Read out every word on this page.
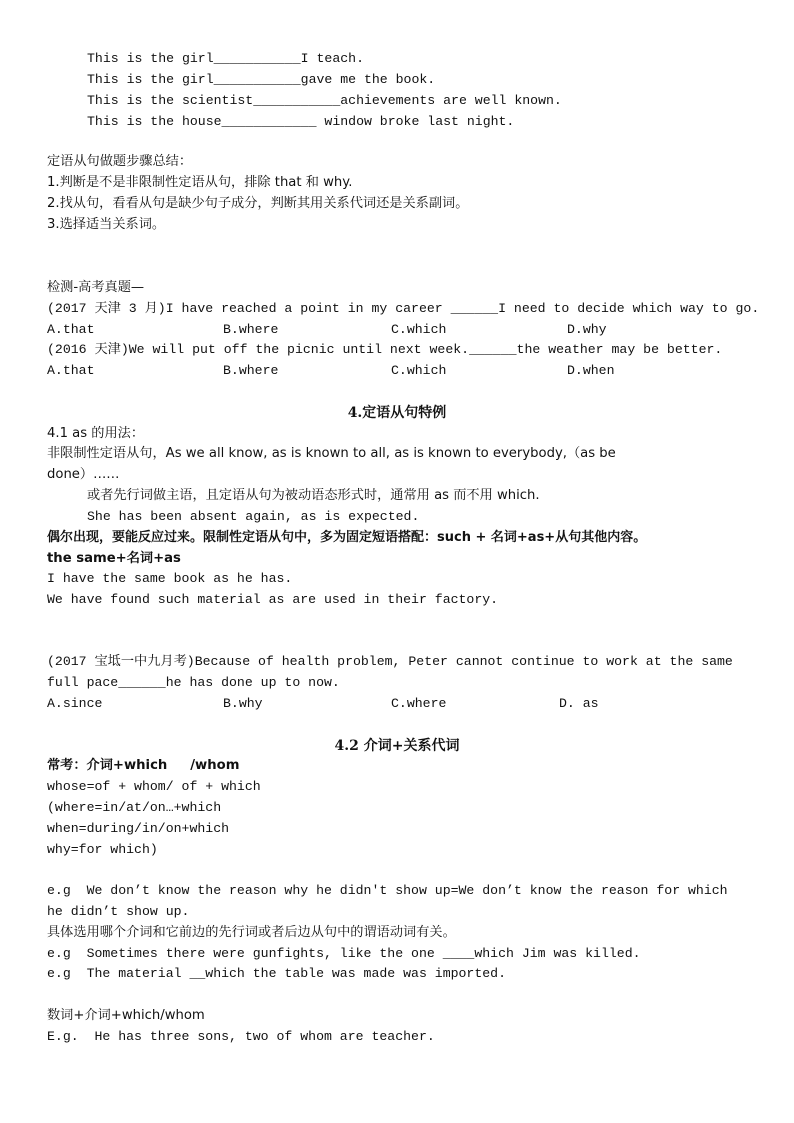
This is the girl___________I teach.
This is the girl___________gave me the book.
This is the scientist___________achievements are well known.
This is the house____________ window broke last night.
定语从句做题步骤总结：
1.判断是不是非限制性定语从句，排除 that 和 why.
2.找从句，看看从句是缺少句子成分，判断其用关系代词还是关系副词。
3.选择适当关系词。
检测-高考真题—
(2017 天津 3 月)I have reached a point in my career ______I need to decide which way to go.
A.that	B.where	C.which	D.why
(2016 天津)We will put off the picnic until next week.______the weather may be better.
A.that	B.where	C.which	D.when
4.定语从句特例
4.1 as 的用法：
非限制性定语从句，As we all know, as is known to all, as is known to everybody,（as be
done）……
或者先行词做主语，且定语从句为被动语态形式时，通常用 as 而不用 which.
She has been absent again, as is expected.
偶尔出现，要能反应过来。限制性定语从句中，多为固定短语搭配：such + 名词+as+从句其他内容。
the same+名词+as
I have the same book as he has.
We have found such material as are used in their factory.
(2017 宝坻一中九月考)Because of health problem, Peter cannot continue to work at the same
full pace______he has done up to now.
A.since	B.why	C.where	D. as
4.2 介词+关系代词
常考：介词+which     /whom
whose=of + whom/ of + which
(where=in/at/on…+which
when=during/in/on+which
why=for which)
e.g  We don’t know the reason why he didn't show up=We don’t know the reason for which
he didn’t show up.
具体选用哪个介词和它前边的先行词或者后边从句中的谓语动词有关。
e.g  Sometimes there were gunfights, like the one ____which Jim was killed.
e.g  The material __which the table was made was imported.
数词+介词+which/whom
E.g.  He has three sons, two of whom are teacher.
